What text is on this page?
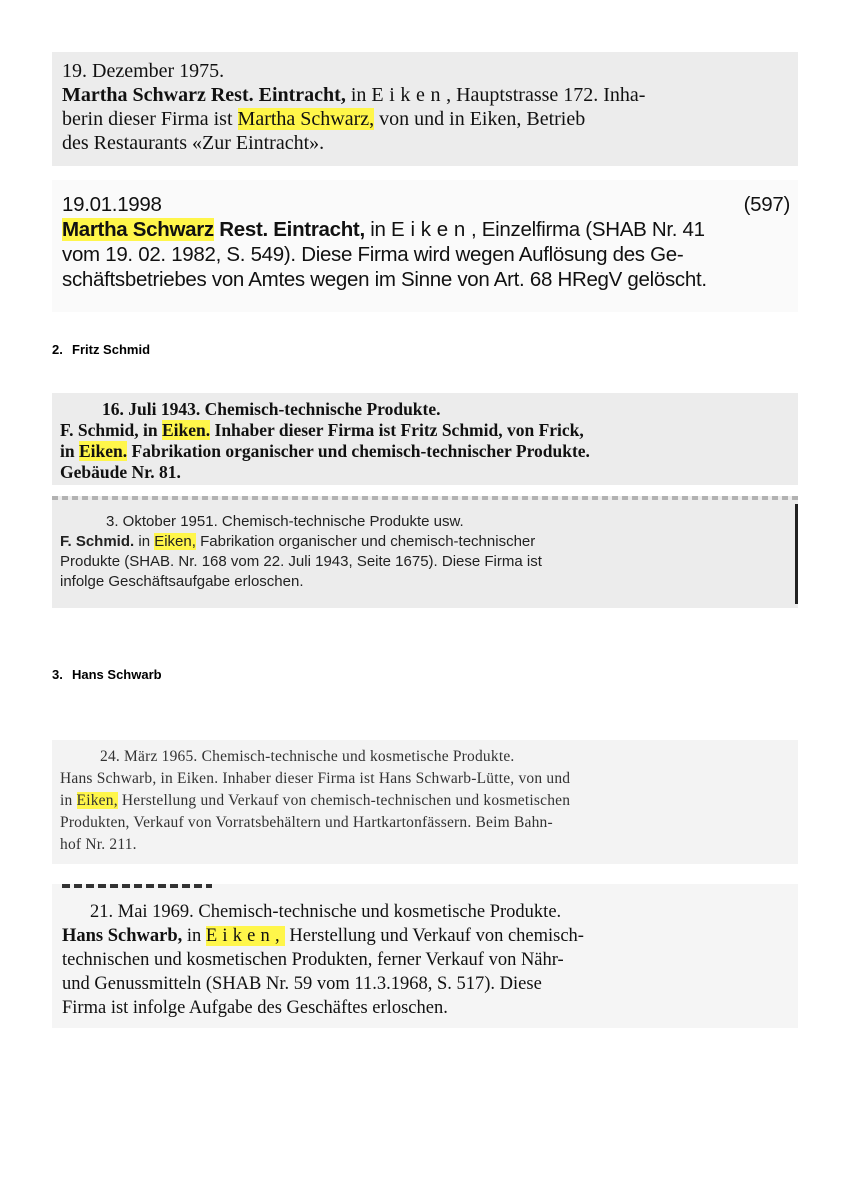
19. Dezember 1975.

Martha Schwarz Rest. Eintracht, in Eiken, Hauptstrasse 172. Inha-

berin dieser Firma ist Martha Schwarz, von und in Eiken, Betrieb

des Restaurants «Zur Eintracht».

19.01.1998	(597)

Martha Schwarz Rest. Eintracht, in Eiken, Einzelfirma (SHAB Nr. 41

vom 19. 02. 1982, S. 549). Diese Firma wird wegen Auflösung des Ge-

schäftsbetriebes von Amtes wegen im Sinne von Art. 68 HRegV gelöscht.

2. Fritz Schmid

16. Juli 1943. Chemisch-technische Produkte.

F. Schmid, in Eiken. Inhaber dieser Firma ist Fritz Schmid, von Frick,

in Eiken. Fabrikation organischer und chemisch-technischer Produkte.

Gebäude Nr. 81.

3. Oktober 1951. Chemisch-technische Produkte usw.

F. Schmid. in Eiken, Fabrikation organischer und chemisch-technischer

Produkte (SHAB. Nr. 168 vom 22. Juli 1943, Seite 1675). Diese Firma ist

infolge Geschäftsaufgabe erloschen.

3. Hans Schwarb

24. März 1965. Chemisch-technische und kosmetische Produkte.

Hans Schwarb, in Eiken. Inhaber dieser Firma ist Hans Schwarb-Lütte, von und

in Eiken, Herstellung und Verkauf von chemisch-technischen und kosmetischen

Produkten, Verkauf von Vorratsbehältern und Hartkartonfässern. Beim Bahn-

hof Nr. 211.

21. Mai 1969. Chemisch-technische und kosmetische Produkte.

Hans Schwarb, in Eiken, Herstellung und Verkauf von chemisch-

technischen und kosmetischen Produkten, ferner Verkauf von Nähr-

und Genussmitteln (SHAB Nr. 59 vom 11.3.1968, S. 517). Diese

Firma ist infolge Aufgabe des Geschäftes erloschen.
